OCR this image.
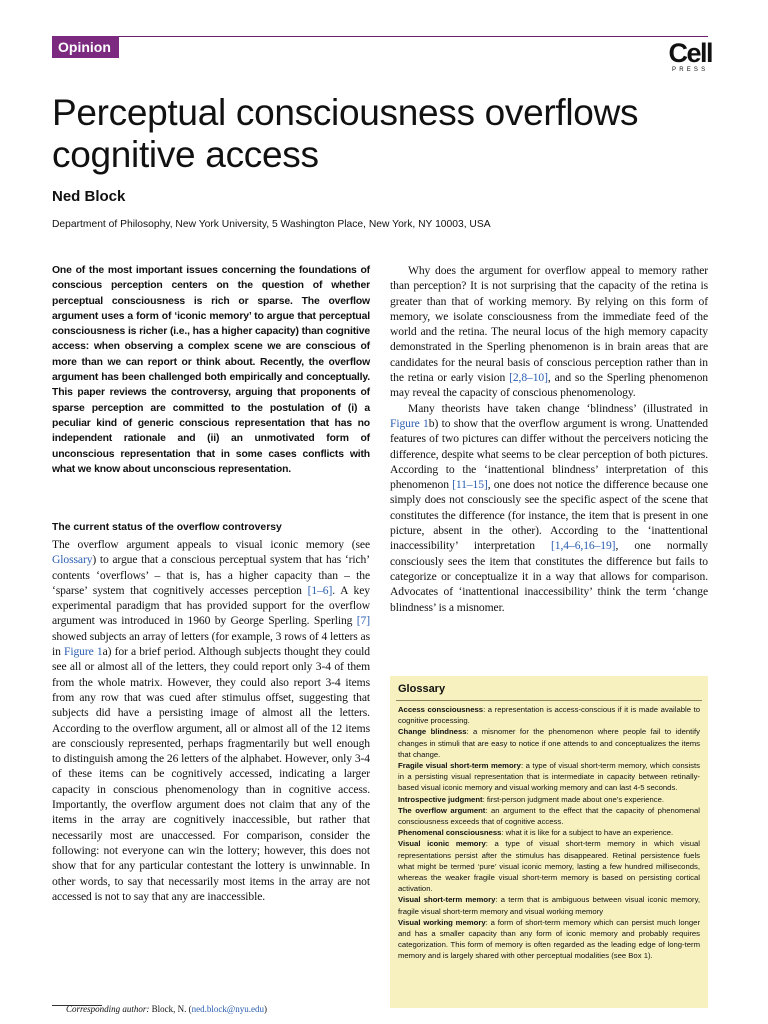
Opinion	Cell
PRESS
Perceptual consciousness overflows cognitive access
Ned Block
Department of Philosophy, New York University, 5 Washington Place, New York, NY 10003, USA
One of the most important issues concerning the foundations of conscious perception centers on the question of whether perceptual consciousness is rich or sparse. The overflow argument uses a form of ‘iconic memory’ to argue that perceptual consciousness is richer (i.e., has a higher capacity) than cognitive access: when observing a complex scene we are conscious of more than we can report or think about. Recently, the overflow argument has been challenged both empirically and conceptually. This paper reviews the controversy, arguing that proponents of sparse perception are committed to the postulation of (i) a peculiar kind of generic conscious representation that has no independent rationale and (ii) an unmotivated form of unconscious representation that in some cases conflicts with what we know about unconscious representation.
The current status of the overflow controversy

The overflow argument appeals to visual iconic memory (see Glossary) to argue that a conscious perceptual system that has ‘rich’ contents ‘overflows’ – that is, has a higher capacity than – the ‘sparse’ system that cognitively accesses perception [1–6]. A key experimental paradigm that has provided support for the overflow argument was introduced in 1960 by George Sperling. Sperling [7] showed subjects an array of letters (for example, 3 rows of 4 letters as in Figure 1a) for a brief period. Although subjects thought they could see all or almost all of the letters, they could report only 3-4 of them from the whole matrix. However, they could also report 3-4 items from any row that was cued after stimulus offset, suggesting that subjects did have a persisting image of almost all the letters. According to the overflow argument, all or almost all of the 12 items are consciously represented, perhaps fragmentarily but well enough to distinguish among the 26 letters of the alphabet. However, only 3-4 of these items can be cognitively accessed, indicating a larger capacity in conscious phenomenology than in cognitive access. Importantly, the overflow argument does not claim that any of the items in the array are cognitively inaccessible, but rather that necessarily most are unaccessed. For comparison, consider the following: not everyone can win the lottery; however, this does not show that for any particular contestant the lottery is unwinnable. In other words, to say that necessarily most items in the array are not accessed is not to say that any are inaccessible.

Why does the argument for overflow appeal to memory rather than perception? It is not surprising that the capacity of the retina is greater than that of working memory. By relying on this form of memory, we isolate consciousness from the immediate feed of the world and the retina. The neural locus of the high memory capacity demonstrated in the Sperling phenomenon is in brain areas that are candidates for the neural basis of conscious perception rather than in the retina or early vision [2,8–10], and so the Sperling phenomenon may reveal the capacity of conscious phenomenology.

Many theorists have taken change ‘blindness’ (illustrated in Figure 1b) to show that the overflow argument is wrong. Unattended features of two pictures can differ without the perceivers noticing the difference, despite what seems to be clear perception of both pictures. According to the ‘inattentional blindness’ interpretation of this phenomenon [11–15], one does not notice the difference because one simply does not consciously see the specific aspect of the scene that constitutes the difference (for instance, the item that is present in one picture, absent in the other). According to the ‘inattentional inaccessibility’ interpretation [1,4–6,16–19], one normally consciously sees the item that constitutes the difference but fails to categorize or conceptualize it in a way that allows for comparison. Advocates of ‘inattentional inaccessibility’ think the term ‘change blindness’ is a misnomer.

Glossary

Access consciousness: a representation is access-conscious if it is made available to cognitive processing.

Change blindness: a misnomer for the phenomenon where people fail to identify changes in stimuli that are easy to notice if one attends to and conceptualizes the items that change.

Fragile visual short-term memory: a type of visual short-term memory, which consists in a persisting visual representation that is intermediate in capacity between retinally-based visual iconic memory and visual working memory and can last 4-5 seconds.

Introspective judgment: first-person judgment made about one’s experience.

The overflow argument: an argument to the effect that the capacity of phenomenal consciousness exceeds that of cognitive access.

Phenomenal consciousness: what it is like for a subject to have an experience.

Visual iconic memory: a type of visual short-term memory in which visual representations persist after the stimulus has disappeared. Retinal persistence fuels what might be termed ‘pure’ visual iconic memory, lasting a few hundred milliseconds, whereas the weaker fragile visual short-term memory is based on persisting cortical activation.

Visual short-term memory: a term that is ambiguous between visual iconic memory, fragile visual short-term memory and visual working memory

Visual working memory: a form of short-term memory which can persist much longer and has a smaller capacity than any form of iconic memory and probably requires categorization. This form of memory is often regarded as the leading edge of long-term memory and is largely shared with other perceptual modalities (see Box 1).

Corresponding author: Block, N. (ned.block@nyu.edu)
